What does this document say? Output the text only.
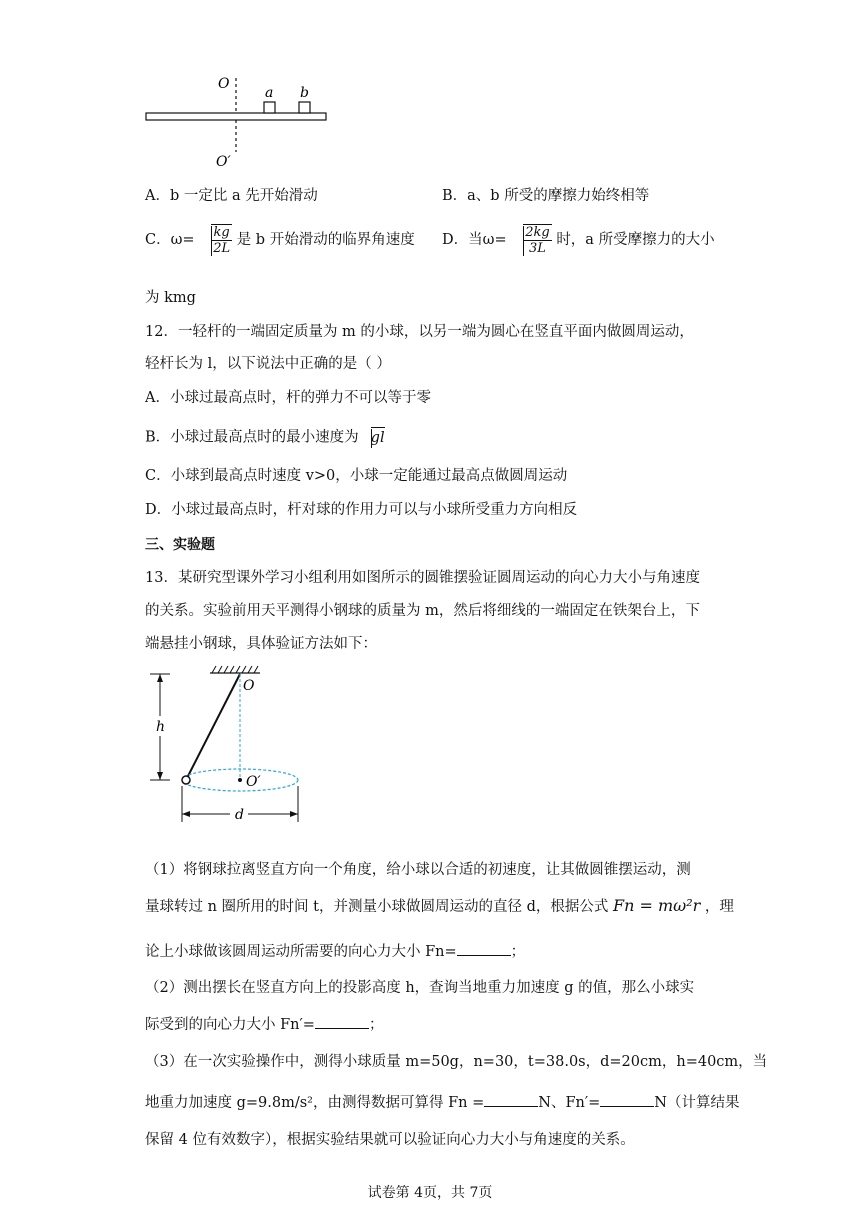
O
a b
O′
A．b 一定比 a 先开始滑动	B．a、b 所受的摩擦力始终相等
C．$\omega= \frac{kg}{2L}$ 是 b 开始滑动的临界角速度 D．当$\omega= \frac{2kg}{3L}$ 时，a 所受摩擦力的大小
为 kmg
12．一轻杆的一端固定质量为 m 的小球，以另一端为圆心在竖直平面内做圆周运动，
轻杆长为 l，以下说法中正确的是（ ）
A．小球过最高点时，杆的弹力不可以等于零
B．小球过最高点时的最小速度为 gl
C．小球到最高点时速度 v>0，小球一定能通过最高点做圆周运动
D．小球过最高点时，杆对球的作用力可以与小球所受重力方向相反
三、实验题
13．某研究型课外学习小组利用如图所示的圆锥摆验证圆周运动的向心力大小与角速度
的关系。实验前用天平测得小钢球的质量为 m，然后将细线的一端固定在铁架台上，下
端悬挂小钢球，具体验证方法如下：
O
O′
h
d
（1）将钢球拉离竖直方向一个角度，给小球以合适的初速度，让其做圆锥摆运动，测
量球转过 n 圈所用的时间 t，并测量小球做圆周运动的直径 d，根据公式 Fn = mω²r ，理
论上小球做该圆周运动所需要的向心力大小 Fn=	；
（2）测出摆长在竖直方向上的投影高度 h，查询当地重力加速度 g 的值，那么小球实
际受到的向心力大小 Fn′=	；
（3）在一次实验操作中，测得小球质量 m=50g，n=30，t=38.0s，d=20cm，h=40cm，当
地重力加速度 g=9.8m/s²，由测得数据可算得 Fn =	N、Fn′=	N（计算结果
保留 4 位有效数字），根据实验结果就可以验证向心力大小与角速度的关系。
试卷第 4页，共 7页
